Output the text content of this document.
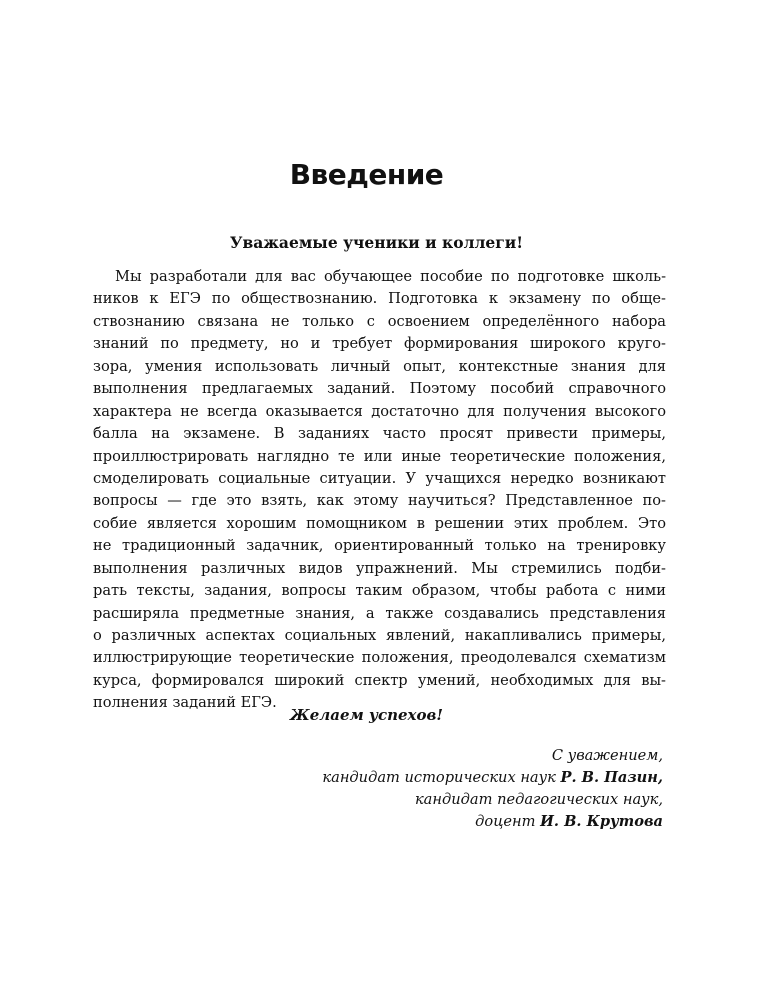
Введение
Уважаемые ученики и коллеги!
Мы разработали для вас обучающее пособие по подготовке школь-
ников к ЕГЭ по обществознанию. Подготовка к экзамену по обще-
ствознанию связана не только с освоением определённого набора
знаний по предмету, но и требует формирования широкого круго-
зора, умения использовать личный опыт, контекстные знания для
выполнения предлагаемых заданий. Поэтому пособий справочного
характера не всегда оказывается достаточно для получения высокого
балла на экзамене. В заданиях часто просят привести примеры,
проиллюстрировать наглядно те или иные теоретические положения,
смоделировать социальные ситуации. У учащихся нередко возникают
вопросы — где это взять, как этому научиться? Представленное по-
собие является хорошим помощником в решении этих проблем. Это
не традиционный задачник, ориентированный только на тренировку
выполнения различных видов упражнений. Мы стремились подби-
рать тексты, задания, вопросы таким образом, чтобы работа с ними
расширяла предметные знания, а также создавались представления
о различных аспектах социальных явлений, накапливались примеры,
иллюстрирующие теоретические положения, преодолевался схематизм
курса, формировался широкий спектр умений, необходимых для вы-
полнения заданий ЕГЭ.
Желаем успехов!
С уважением,
кандидат исторических наук Р. В. Пазин,
кандидат педагогических наук,
доцент И. В. Крутова
